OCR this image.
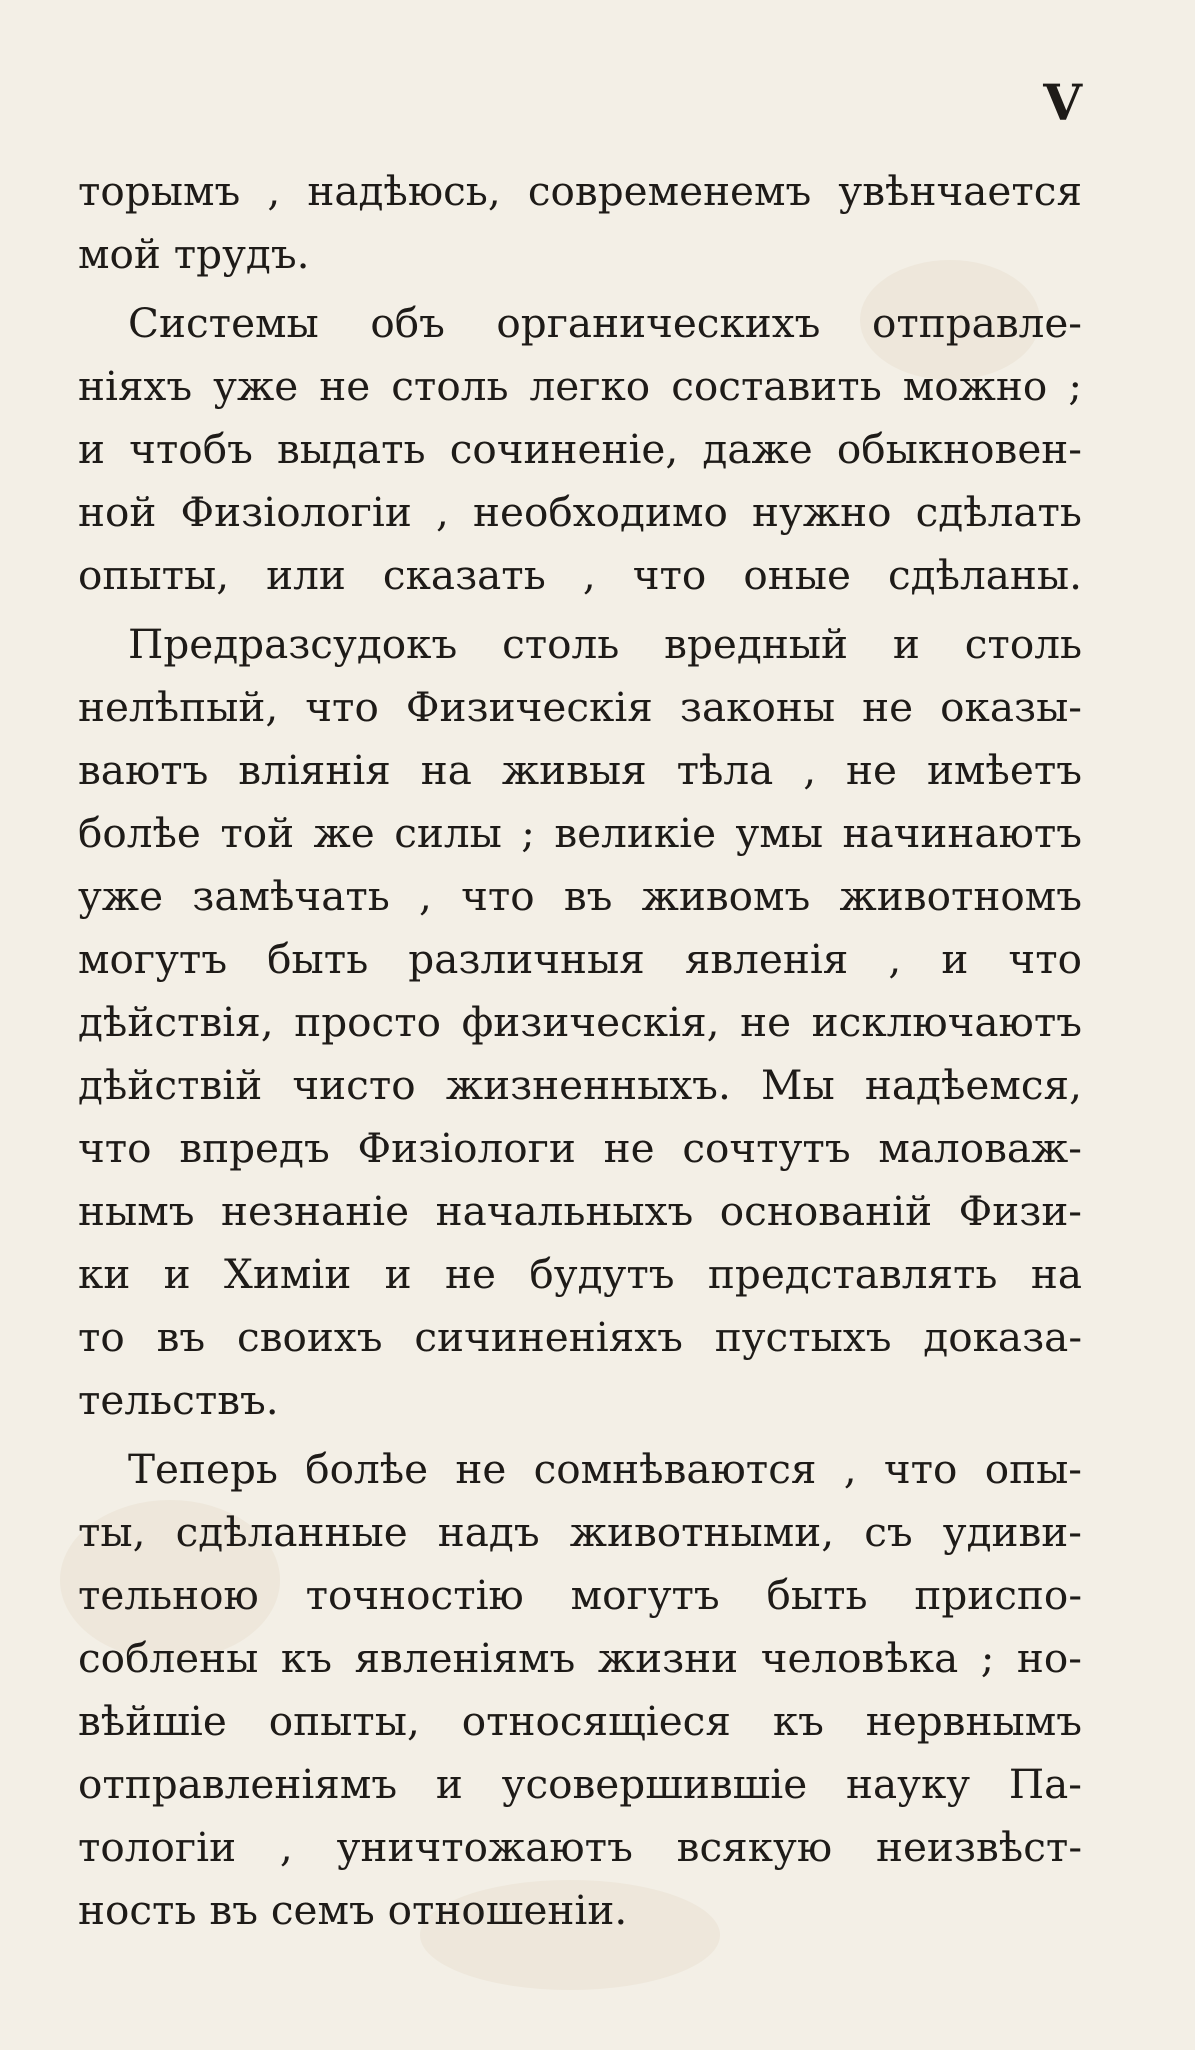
V
торымъ , надѣюсь, современемъ увѣнчается
мой трудъ.
Системы объ органическихъ отправле-
нiяхъ уже не столь легко составить можно ;
и чтобъ выдать сочиненiе, даже обыкновен-
ной Физiологiи , необходимо нужно сдѣлать
опыты, или сказать , что оные сдѣланы.
Предразсудокъ столь вредный и столь
нелѣпый, что Физическiя законы не оказы-
ваютъ влiянiя на живыя тѣла , не имѣетъ
болѣе той же силы ; великiе умы начинаютъ
уже замѣчать , что въ живомъ животномъ
могутъ быть различныя явленiя , и что
дѣйствiя, просто физическiя, не исключаютъ
дѣйствiй чисто жизненныхъ. Мы надѣемся,
что впредъ Физiологи не сочтутъ маловаж-
нымъ незнанiе начальныхъ основанiй Физи-
ки и Химiи и не будутъ представлять на
то въ своихъ сичиненiяхъ пустыхъ доказа-
тельствъ.
Теперь болѣе не сомнѣваются , что опы-
ты, сдѣланные надъ животными, съ удиви-
тельною точностiю могутъ быть приспо-
соблены къ явленiямъ жизни человѣка ; но-
вѣйшiе опыты, относящiеся къ нервнымъ
отправленiямъ и усовершившiе науку Па-
тологiи , уничтожаютъ всякую неизвѣст-
ность въ семъ отношенiи.
